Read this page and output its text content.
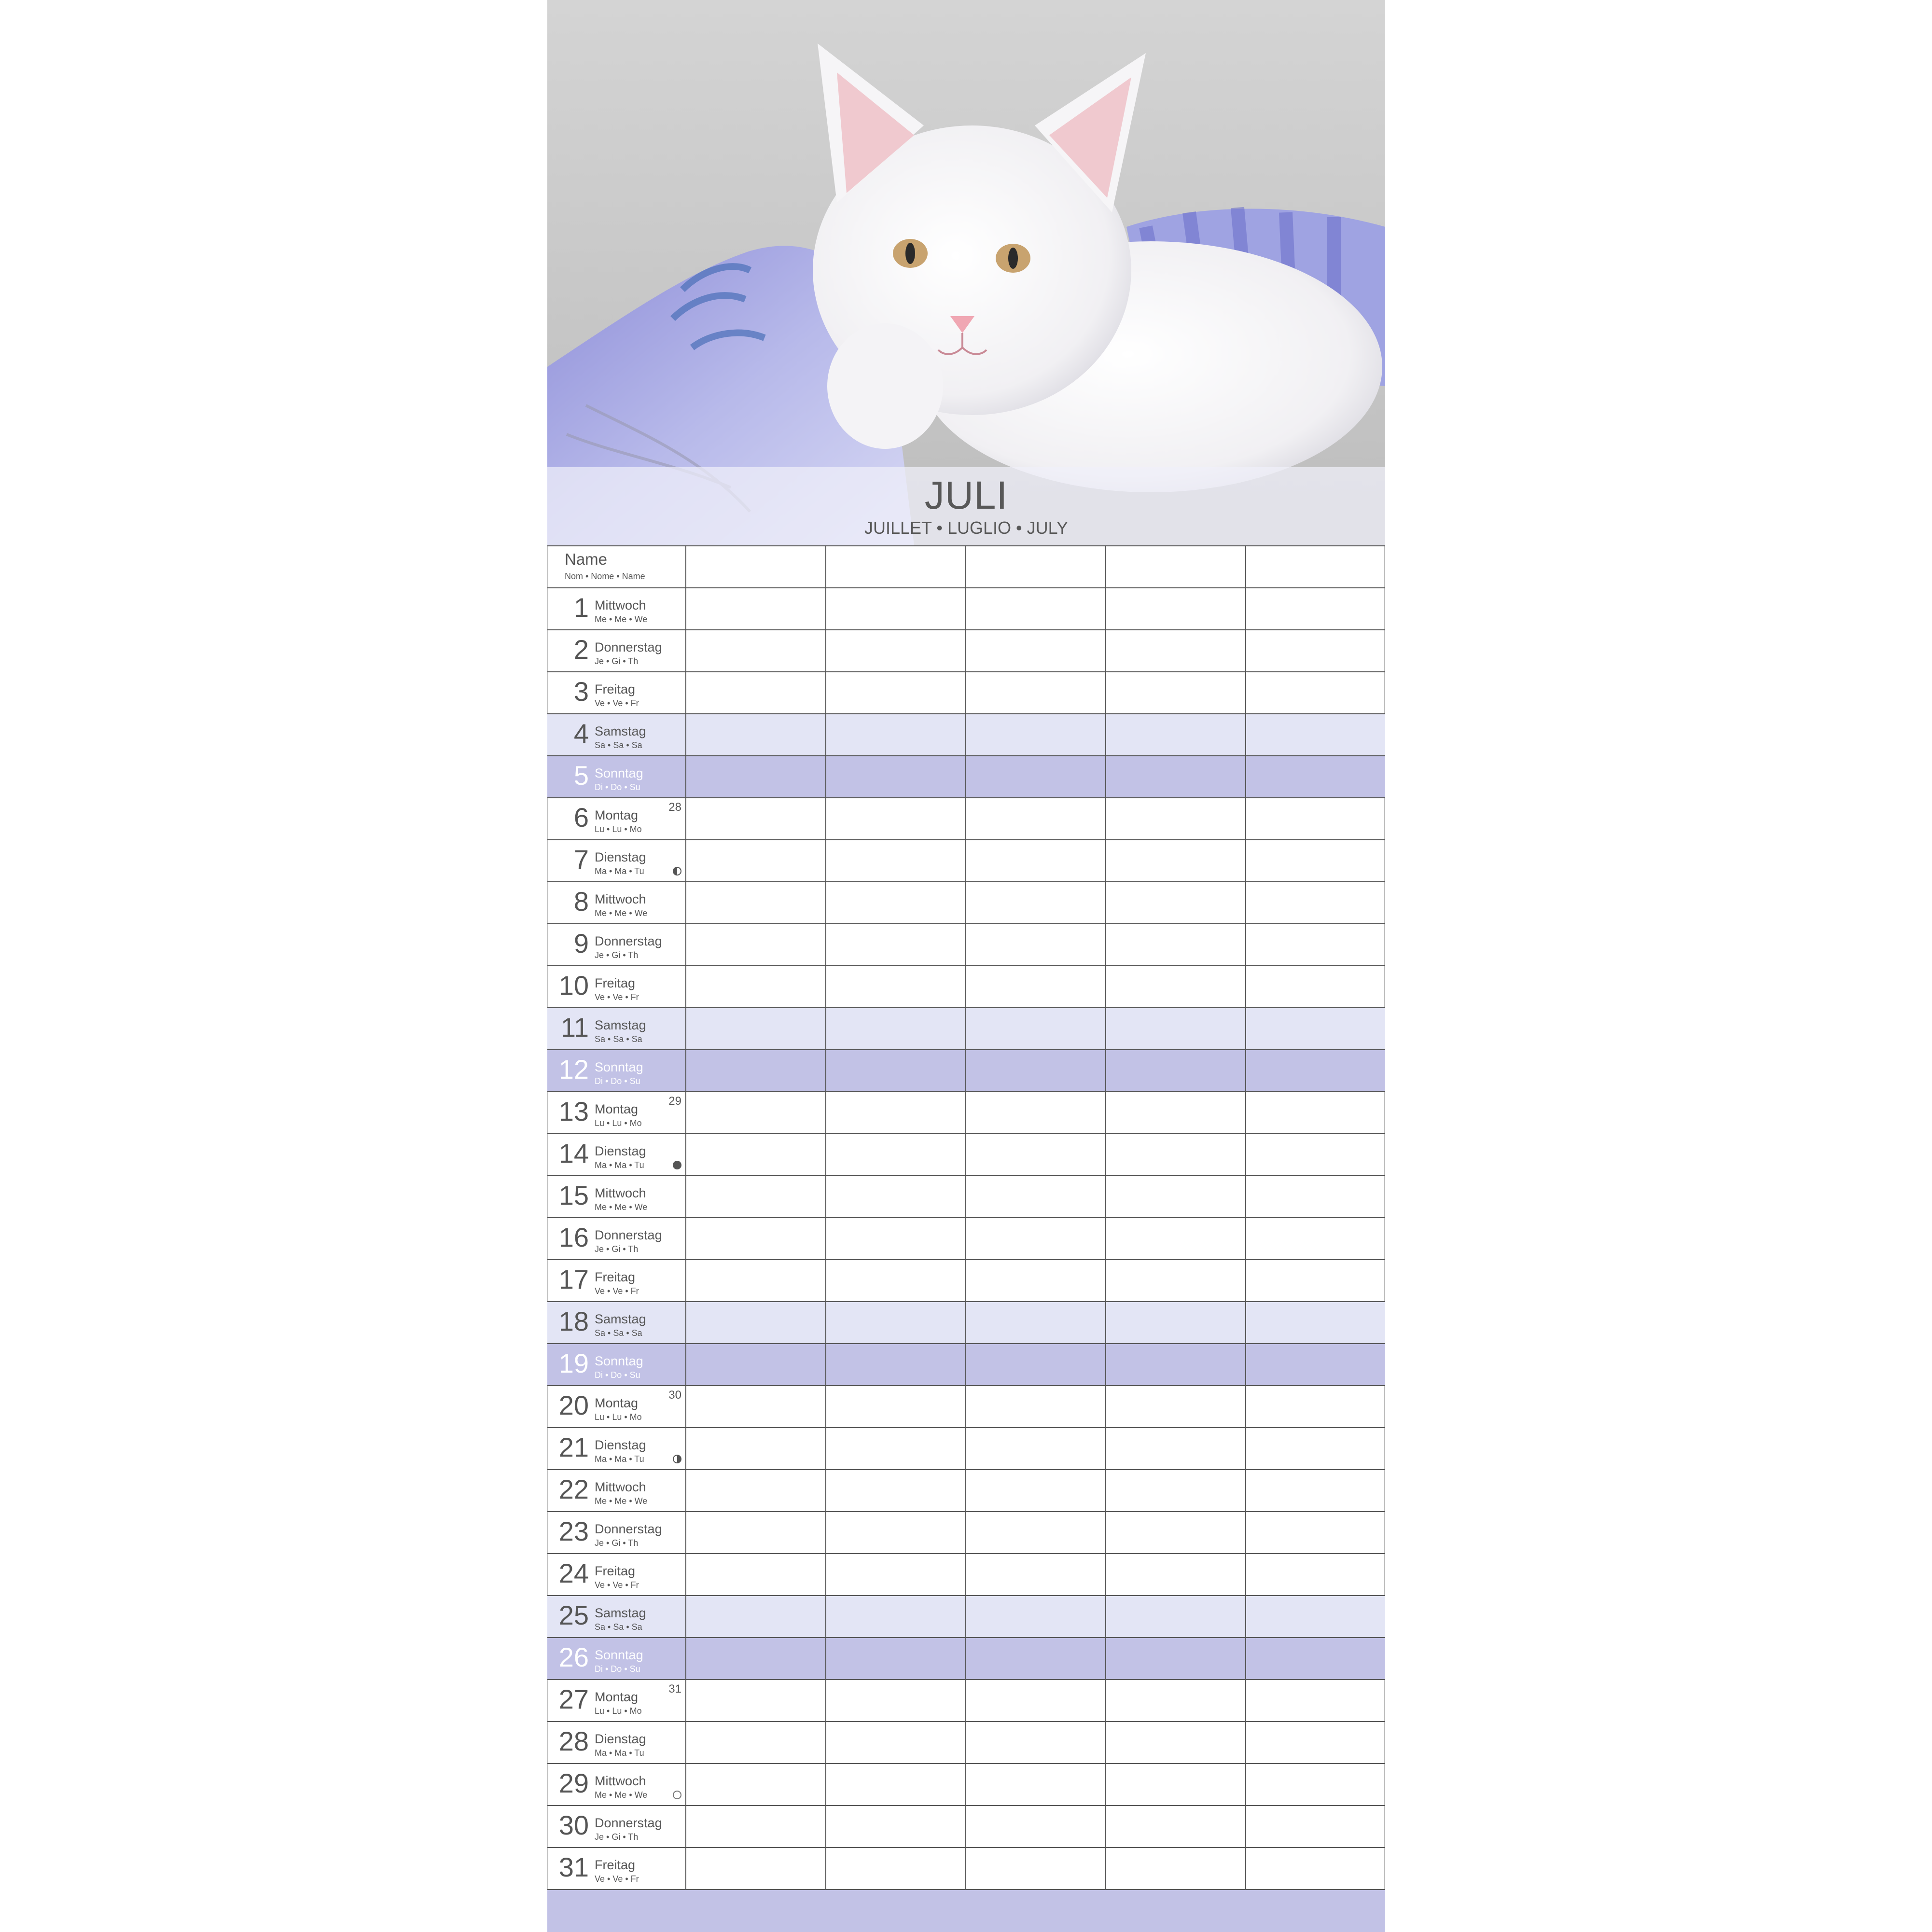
JULI
JUILLET • LUGLIO • JULY
Name
Nom • Nome • Name
1 Mittwoch
Me • Me • We
2 Donnerstag
Je • Gi • Th
3 Freitag
Ve • Ve • Fr
4 Samstag
Sa • Sa • Sa
5 Sonntag
Di • Do • Su
6 Montag
Lu • Lu • Mo
28
7 Dienstag
Ma • Ma • Tu
8 Mittwoch
Me • Me • We
9 Donnerstag
Je • Gi • Th
10 Freitag
Ve • Ve • Fr
11 Samstag
Sa • Sa • Sa
12 Sonntag
Di • Do • Su
13 Montag
Lu • Lu • Mo
29
14 Dienstag
Ma • Ma • Tu
15 Mittwoch
Me • Me • We
16 Donnerstag
Je • Gi • Th
17 Freitag
Ve • Ve • Fr
18 Samstag
Sa • Sa • Sa
19 Sonntag
Di • Do • Su
20 Montag
Lu • Lu • Mo
30
21 Dienstag
Ma • Ma • Tu
22 Mittwoch
Me • Me • We
23 Donnerstag
Je • Gi • Th
24 Freitag
Ve • Ve • Fr
25 Samstag
Sa • Sa • Sa
26 Sonntag
Di • Do • Su
27 Montag
Lu • Lu • Mo
31
28 Dienstag
Ma • Ma • Tu
29 Mittwoch
Me • Me • We
30 Donnerstag
Je • Gi • Th
31 Freitag
Ve • Ve • Fr
